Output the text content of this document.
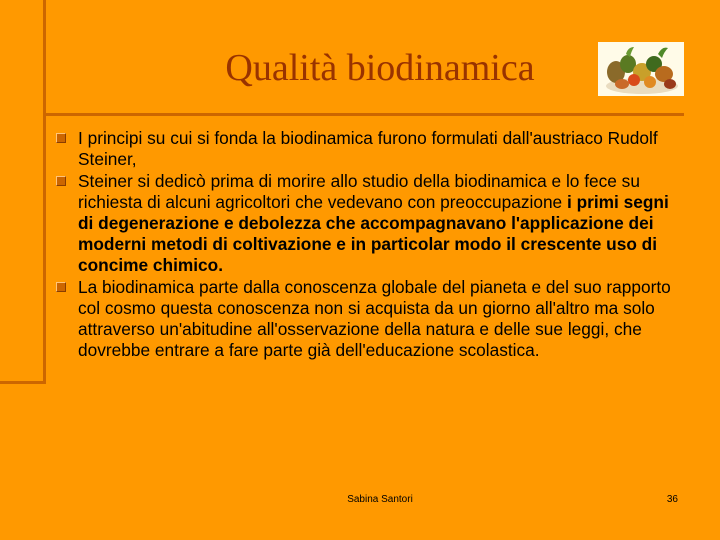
Qualità biodinamica
I principi su cui si fonda la biodinamica furono formulati dall'austriaco Rudolf Steiner,
Steiner si dedicò prima di morire allo studio della biodinamica e lo fece su richiesta di alcuni agricoltori che vedevano con preoccupazione i primi segni di degenerazione e debolezza che accompagnavano l'applicazione dei moderni metodi di coltivazione e in particolar modo il crescente uso di concime chimico.
La biodinamica parte dalla conoscenza globale del pianeta e del suo rapporto col cosmo questa conoscenza non si acquista da un giorno all'altro ma solo attraverso un'abitudine all'osservazione della natura e delle sue leggi, che dovrebbe entrare a fare parte già dell'educazione scolastica.
Sabina Santori	36
